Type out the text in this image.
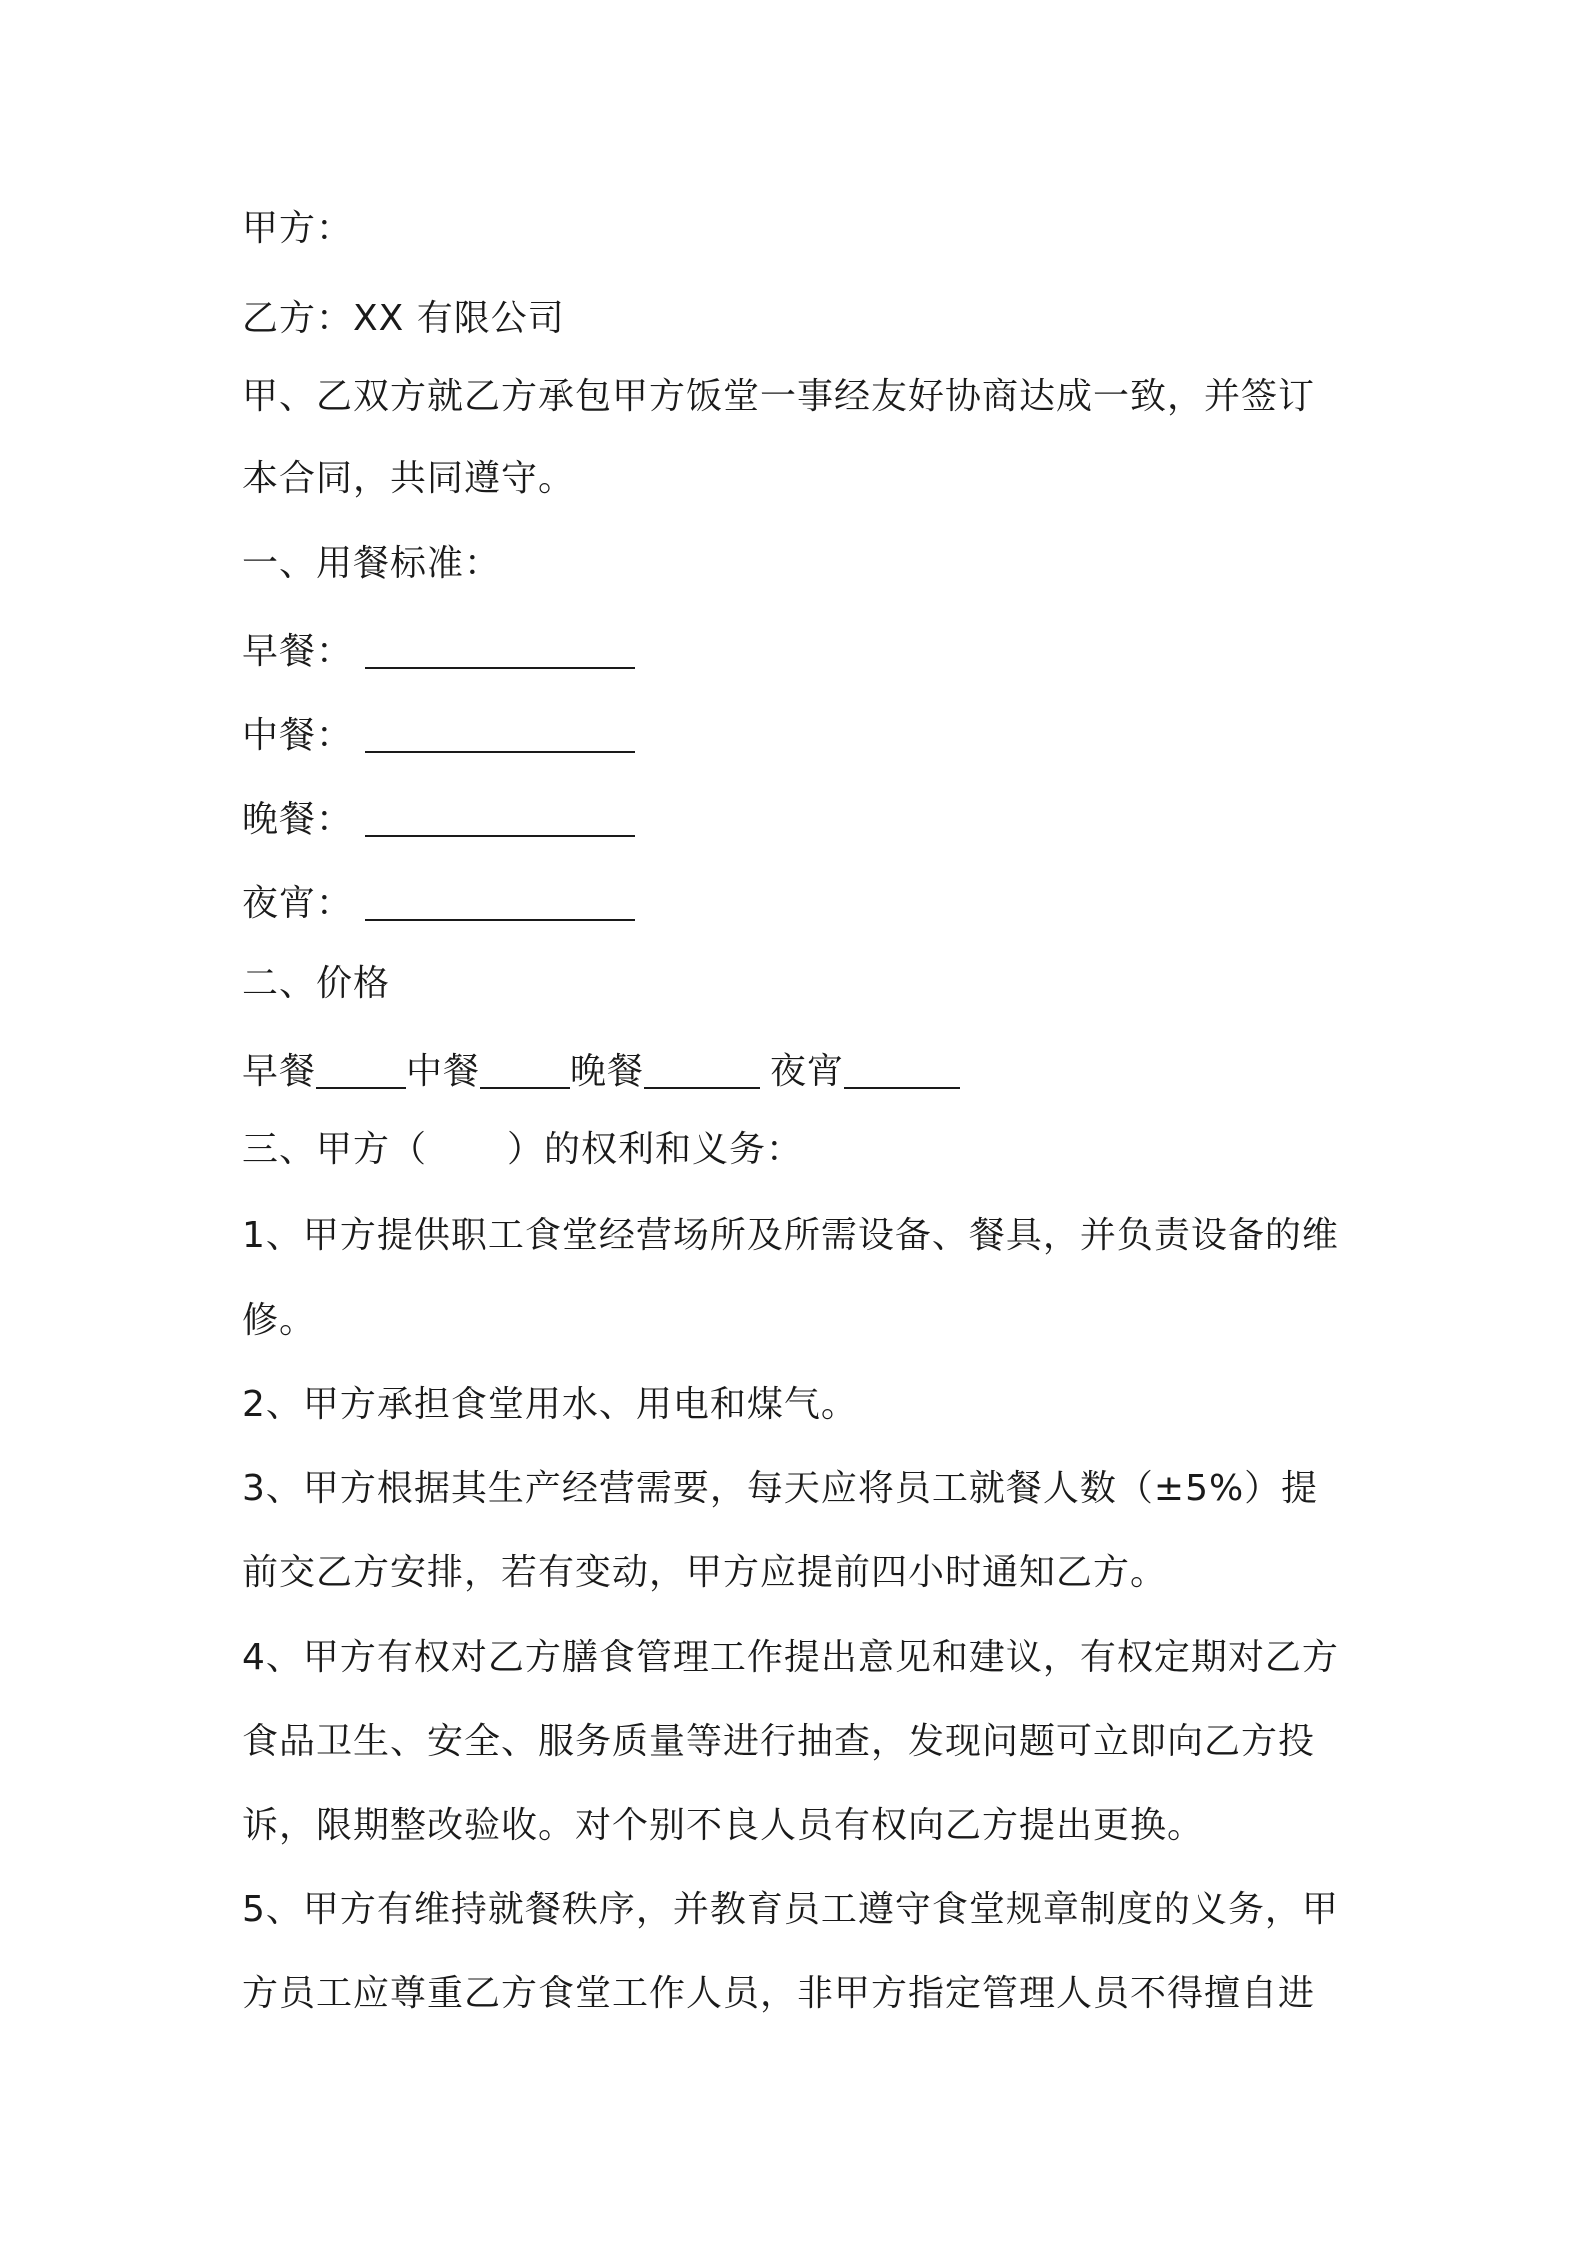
甲方：
乙方：XX 有限公司
甲、乙双方就乙方承包甲方饭堂一事经友好协商达成一致，并签订
本合同，共同遵守。
一、用餐标准：
早餐：
中餐：
晚餐：
夜宵：
二、价格
早餐	中餐	晚餐	夜宵
三、甲方（ ）的权利和义务：
1、甲方提供职工食堂经营场所及所需设备、餐具，并负责设备的维
修。
2、甲方承担食堂用水、用电和煤气。
3、甲方根据其生产经营需要，每天应将员工就餐人数（±5%）提
前交乙方安排，若有变动，甲方应提前四小时通知乙方。
4、甲方有权对乙方膳食管理工作提出意见和建议，有权定期对乙方
食品卫生、安全、服务质量等进行抽查，发现问题可立即向乙方投
诉，限期整改验收。对个别不良人员有权向乙方提出更换。
5、甲方有维持就餐秩序，并教育员工遵守食堂规章制度的义务，甲
方员工应尊重乙方食堂工作人员，非甲方指定管理人员不得擅自进
